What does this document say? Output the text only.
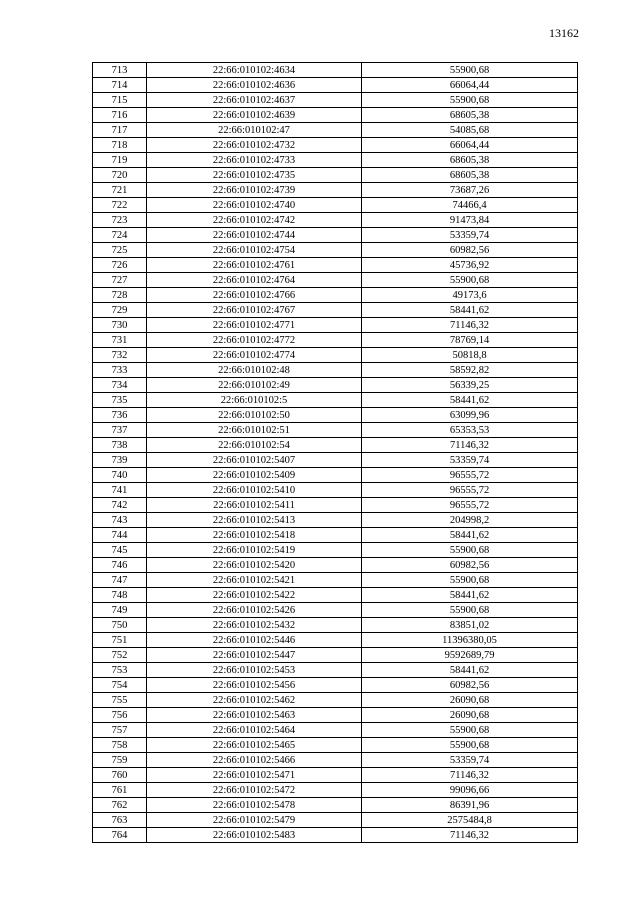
13162
713	22:66:010102:4634	55900,68
714	22:66:010102:4636	66064,44
715	22:66:010102:4637	55900,68
716	22:66:010102:4639	68605,38
717	22:66:010102:47	54085,68
718	22:66:010102:4732	66064,44
719	22:66:010102:4733	68605,38
720	22:66:010102:4735	68605,38
721	22:66:010102:4739	73687,26
722	22:66:010102:4740	74466,4
723	22:66:010102:4742	91473,84
724	22:66:010102:4744	53359,74
725	22:66:010102:4754	60982,56
726	22:66:010102:4761	45736,92
727	22:66:010102:4764	55900,68
728	22:66:010102:4766	49173,6
729	22:66:010102:4767	58441,62
730	22:66:010102:4771	71146,32
731	22:66:010102:4772	78769,14
732	22:66:010102:4774	50818,8
733	22:66:010102:48	58592,82
734	22:66:010102:49	56339,25
735	22:66:010102:5	58441,62
736	22:66:010102:50	63099,96
737	22:66:010102:51	65353,53
738	22:66:010102:54	71146,32
739	22:66:010102:5407	53359,74
740	22:66:010102:5409	96555,72
741	22:66:010102:5410	96555,72
742	22:66:010102:5411	96555,72
743	22:66:010102:5413	204998,2
744	22:66:010102:5418	58441,62
745	22:66:010102:5419	55900,68
746	22:66:010102:5420	60982,56
747	22:66:010102:5421	55900,68
748	22:66:010102:5422	58441,62
749	22:66:010102:5426	55900,68
750	22:66:010102:5432	83851,02
751	22:66:010102:5446	11396380,05
752	22:66:010102:5447	9592689,79
753	22:66:010102:5453	58441,62
754	22:66:010102:5456	60982,56
755	22:66:010102:5462	26090,68
756	22:66:010102:5463	26090,68
757	22:66:010102:5464	55900,68
758	22:66:010102:5465	55900,68
759	22:66:010102:5466	53359,74
760	22:66:010102:5471	71146,32
761	22:66:010102:5472	99096,66
762	22:66:010102:5478	86391,96
763	22:66:010102:5479	2575484,8
764	22:66:010102:5483	71146,32
